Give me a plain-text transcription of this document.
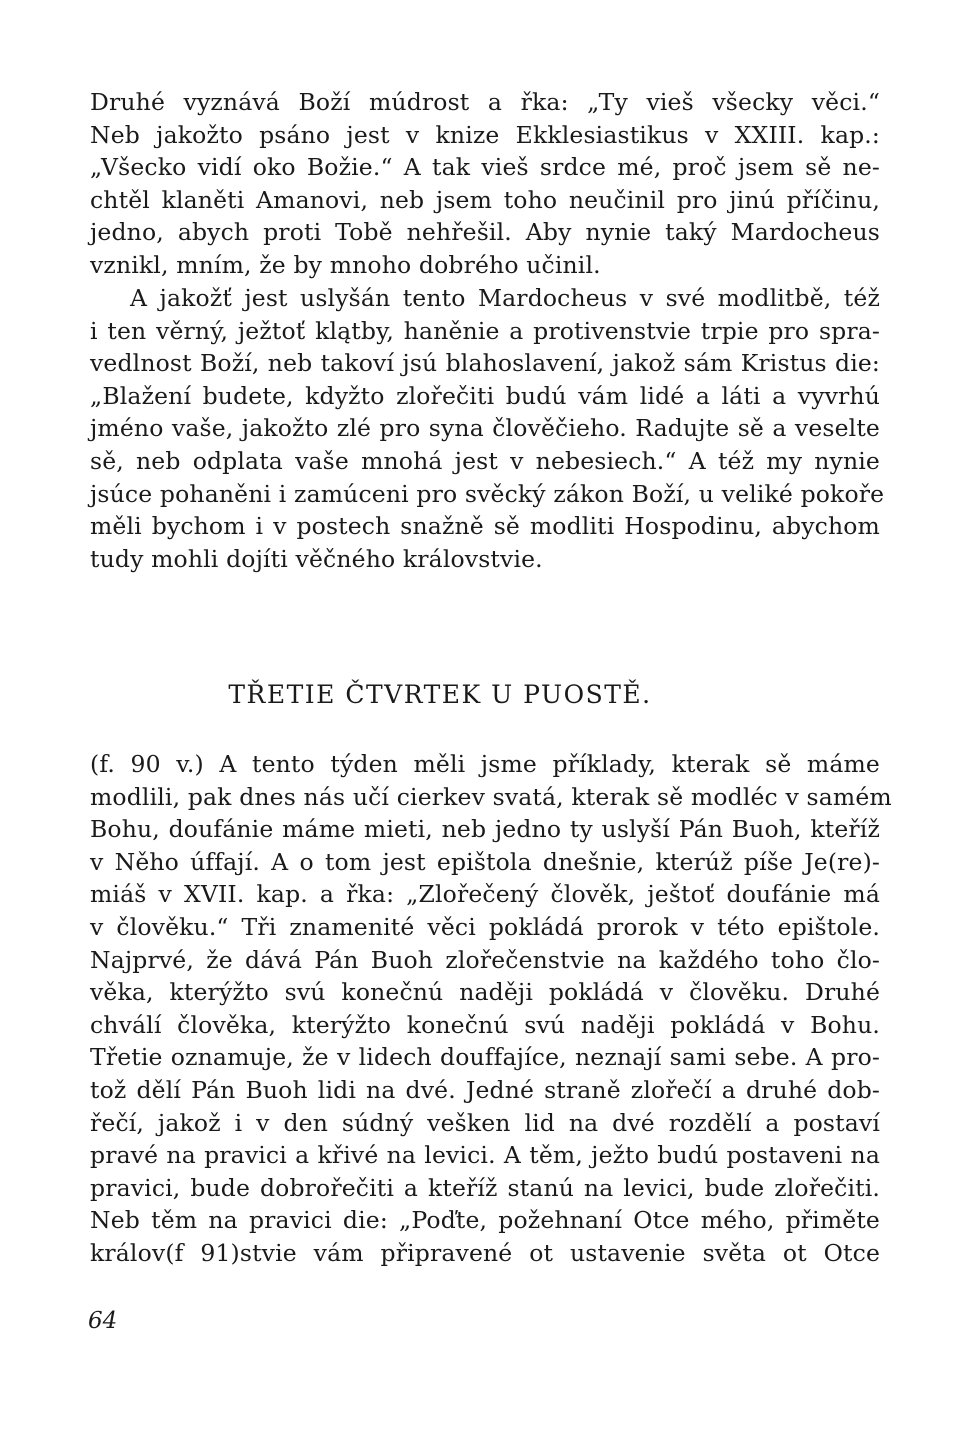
Druhé vyznává Boží múdrost a řka: „Ty vieš všecky věci.“
Neb jakožto psáno jest v knize Ekklesiastikus v XXIII. kap.:
„Všecko vidí oko Božie.“ A tak vieš srdce mé, proč jsem sě ne-
chtěl klaněti Amanovi, neb jsem toho neučinil pro jinú příčinu,
jedno, abych proti Tobě nehřešil. Aby nynie taký Mardocheus
vznikl, mním, že by mnoho dobrého učinil.
A jakožť jest uslyšán tento Mardocheus v své modlitbě, též
i ten věrný, ježtoť klątby, haněnie a protivenstvie trpie pro spra-
vedlnost Boží, neb takoví jsú blahoslavení, jakož sám Kristus die:
„Blažení budete, kdyžto zlořečiti budú vám lidé a láti a vyvrhú
jméno vaše, jakožto zlé pro syna člověčieho. Radujte sě a veselte
sě, neb odplata vaše mnohá jest v nebesiech.“ A též my nynie
jsúce pohaněni i zamúceni pro svěcký zákon Boží, u veliké pokoře
měli bychom i v postech snažně sě modliti Hospodinu, abychom
tudy mohli dojíti věčného královstvie.
TŘETIE ČTVRTEK U PUOSTĚ.
(f. 90 v.) A tento týden měli jsme příklady, kterak sě máme
modlili, pak dnes nás učí cierkev svatá, kterak sě modléc v samém
Bohu, doufánie máme mieti, neb jedno ty uslyší Pán Buoh, kteříž
v Něho úffají. A o tom jest epištola dnešnie, kterúž píše Je(re)-
miáš v XVII. kap. a řka: „Zlořečený člověk, ještoť doufánie má
v člověku.“ Tři znamenité věci pokládá prorok v této epištole.
Najprvé, že dává Pán Buoh zlořečenstvie na každého toho člo-
věka, kterýžto svú konečnú naději pokládá v člověku. Druhé
chválí člověka, kterýžto konečnú svú naději pokládá v Bohu.
Třetie oznamuje, že v lidech douffajíce, neznají sami sebe. A pro-
tož dělí Pán Buoh lidi na dvé. Jedné straně zlořečí a druhé dob-
řečí, jakož i v den súdný vešken lid na dvé rozdělí a postaví
pravé na pravici a křivé na levici. A těm, ježto budú postaveni na
pravici, bude dobrořečiti a kteříž stanú na levici, bude zlořečiti.
Neb těm na pravici die: „Poďte, požehnaní Otce mého, přiměte
králov(f 91)stvie vám připravené ot ustavenie světa ot Otce
64
